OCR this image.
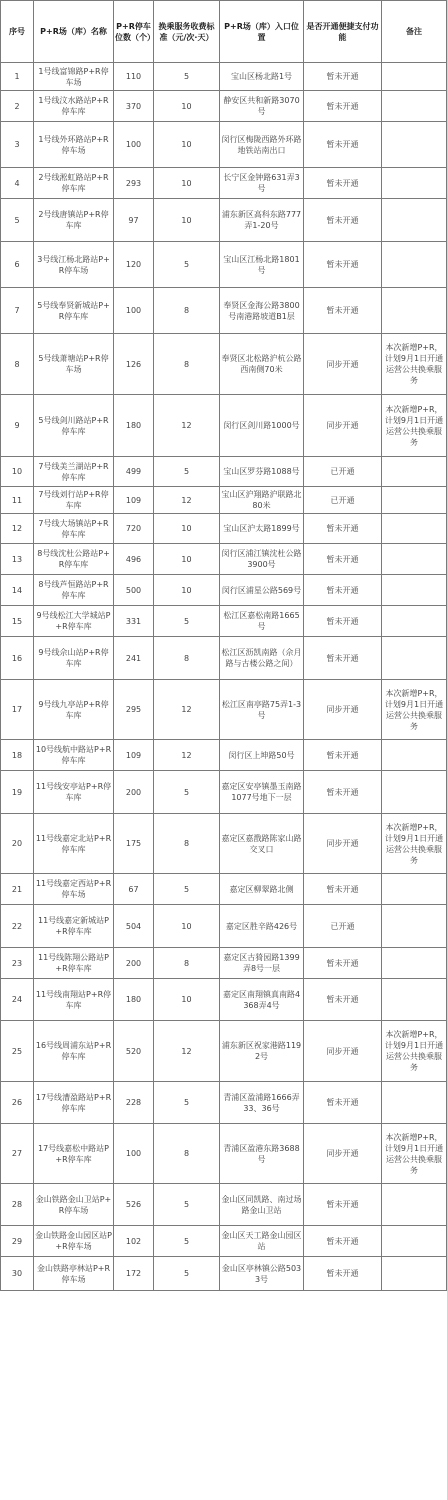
序号	P+R场（库）名称	P+R停车位数（个）	换乘服务收费标准（元/次·天）	P+R场（库）入口位置	是否开通便捷支付功能	备注
1	1号线富锦路P+R停车场	110	5	宝山区杨北路1号	暂未开通	
2	1号线汶水路站P+R停车库	370	10	静安区共和新路3070号	暂未开通	
3	1号线外环路站P+R停车场	100	10	闵行区梅陇西路外环路地铁站南出口	暂未开通	
4	2号线淞虹路站P+R停车库	293	10	长宁区金钟路631弄3号	暂未开通	
5	2号线唐镇站P+R停车库	97	10	浦东新区高科东路777弄1-20号	暂未开通	
6	3号线江杨北路站P+R停车场	120	5	宝山区江杨北路1801号	暂未开通	
7	5号线奉贤新城站P+R停车库	100	8	奉贤区金海公路3800号南港路坡道B1层	暂未开通	
8	5号线萧塘站P+R停车场	126	8	奉贤区北松路沪杭公路西南侧70米	同步开通	本次新增P+R，计划9月1日开通运营公共换乘服务
9	5号线剑川路站P+R停车库	180	12	闵行区剑川路1000号	同步开通	本次新增P+R，计划9月1日开通运营公共换乘服务
10	7号线美兰湖站P+R停车库	499	5	宝山区罗芬路1088号	已开通	
11	7号线刘行站P+R停车库	109	12	宝山区沪翔路沪联路北80米	已开通	
12	7号线大场镇站P+R停车库	720	10	宝山区沪太路1899号	暂未开通	
13	8号线沈杜公路站P+R停车库	496	10	闵行区浦江镇沈杜公路3900号	暂未开通	
14	8号线芦恒路站P+R停车库	500	10	闵行区浦星公路569号	暂未开通	
15	9号线松江大学城站P+R停车库	331	5	松江区嘉松南路1665号	暂未开通	
16	9号线佘山站P+R停车库	241	8	松江区沥凯南路（佘月路与古楼公路之间）	暂未开通	
17	9号线九亭站P+R停车库	295	12	松江区南亭路75弄1-3号	同步开通	本次新增P+R，计划9月1日开通运营公共换乘服务
18	10号线航中路站P+R停车库	109	12	闵行区上坤路50号	暂未开通	
19	11号线安亭站P+R停车库	200	5	嘉定区安亭镇墨玉南路1077号地下一层	暂未开通	
20	11号线嘉定北站P+R停车库	175	8	嘉定区嘉戬路陈家山路交叉口	同步开通	本次新增P+R，计划9月1日开通运营公共换乘服务
21	11号线嘉定西站P+R停车场	67	5	嘉定区柳翠路北侧	暂未开通	
22	11号线嘉定新城站P+R停车库	504	10	嘉定区胜辛路426号	已开通	
23	11号线陈翔公路站P+R停车库	200	8	嘉定区古猗园路1399弄8号一层	暂未开通	
24	11号线南翔站P+R停车库	180	10	嘉定区南翔镇真南路4368弄4号	暂未开通	
25	16号线周浦东站P+R停车库	520	12	浦东新区祝家港路1192号	同步开通	本次新增P+R，计划9月1日开通运营公共换乘服务
26	17号线漕盈路站P+R停车库	228	5	青浦区盈浦路1666弄33、36号	暂未开通	
27	17号线嘉松中路站P+R停车库	100	8	青浦区盈港东路3688号	同步开通	本次新增P+R，计划9月1日开通运营公共换乘服务
28	金山铁路金山卫站P+R停车场	526	5	金山区同凯路、南过场路金山卫站	暂未开通	
29	金山铁路金山园区站P+R停车场	102	5	金山区天工路金山园区站	暂未开通	
30	金山铁路亭林站P+R停车场	172	5	金山区亭林镇公路5033号	暂未开通	
